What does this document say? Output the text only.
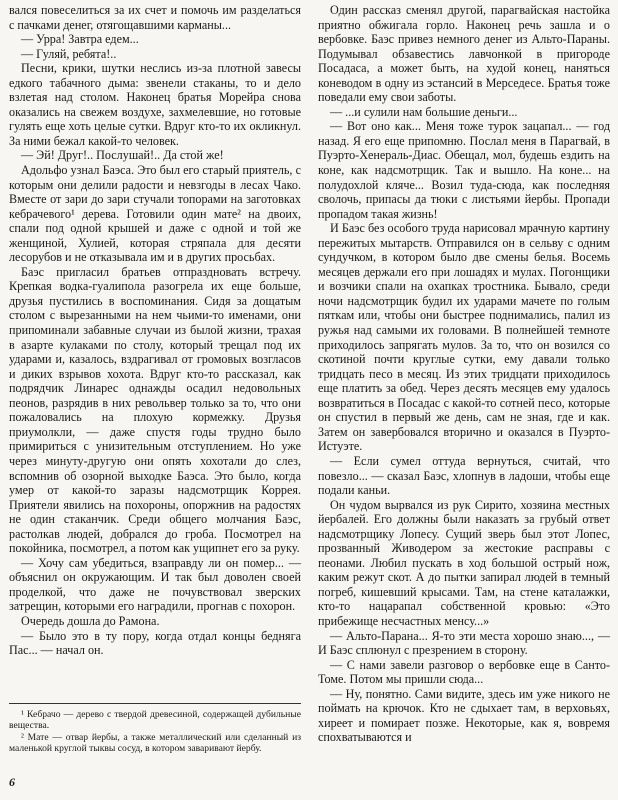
вался повеселиться за их счет и помочь им разделаться с пачками денег, отягощавшими карманы...

— Урра! Завтра едем...

— Гуляй, ребята!..

Песни, крики, шутки неслись из-за плотной завесы едкого табачного дыма: звенели стаканы, то и дело взлетая над столом. Наконец братья Морейра снова оказались на свежем воздухе, захмелевшие, но готовые гулять еще хоть целые сутки. Вдруг кто-то их окликнул. За ними бежал какой-то человек.

— Эй! Друг!.. Послушай!.. Да стой же!

Адольфо узнал Баэса. Это был его старый приятель, с которым они делили радости и невзгоды в лесах Чако. Вместе от зари до зари стучали топорами на заготовках кебрачевого¹ дерева. Готовили один мате² на двоих, спали под одной крышей и даже с одной и той же женщиной, Хулией, которая стряпала для десяти лесорубов и не отказывала им и в других просьбах.

Баэс пригласил братьев отпраздновать встречу. Крепкая водка-гуалипола разогрела их еще больше, друзья пустились в воспоминания. Сидя за дощатым столом с вырезанными на нем чьими-то именами, они припоминали забавные случаи из былой жизни, трахая в азарте кулаками по столу, который трещал под их ударами и, казалось, вздрагивал от громовых возгласов и диких взрывов хохота. Вдруг кто-то рассказал, как подрядчик Линарес однажды осадил недовольных пеонов, разрядив в них револьвер только за то, что они пожаловались на плохую кормежку. Друзья приумолкли, — даже спустя годы трудно было примириться с унизительным отступлением. Но уже через минуту-другую они опять хохотали до слез, вспомнив об озорной выходке Баэса. Это было, когда умер от какой-то заразы надсмотрщик Коррея. Приятели явились на похороны, опоржнив на радостях не один стаканчик. Среди общего молчания Баэс, растолкав людей, добрался до гроба. Посмотрел на покойника, посмотрел, а потом как ущипнет его за руку.

— Хочу сам убедиться, взаправду ли он помер... — объяснил он окружающим. И так был доволен своей проделкой, что даже не почувствовал зверских затрещин, которыми его наградили, прогнав с похорон.

Очередь дошла до Рамона.

— Было это в ту пору, когда отдал концы бедняга Пас... — начал он.

Один рассказ сменял другой, парагвайская настойка приятно обжигала горло. Наконец речь зашла и о вербовке. Баэс привез немного денег из Альто-Параны. Подумывал обзавестись лавчонкой в пригороде Посадаса, а может быть, на худой конец, наняться коневодом в одну из эстансий в Мерседесе. Братья тоже поведали ему свои заботы.

— ...и сулили нам большие деньги...

— Вот оно как... Меня тоже турок зацапал... — год назад. Я его еще припомню. Послал меня в Парагвай, в Пуэрто-Хенераль-Диас. Обещал, мол, будешь ездить на коне, как надсмотрщик. Так и вышло. На коне... на полудохлой кляче... Возил туда-сюда, как последняя сволочь, припасы да тюки с листьями йербы. Пропади пропадом такая жизнь!

И Баэс без особого труда нарисовал мрачную картину пережитых мытарств. Отправился он в сельву с одним сундучком, в котором было две смены белья. Восемь месяцев держали его при лошадях и мулах. Погонщики и возчики спали на охапках тростника. Бывало, среди ночи надсмотрщик будил их ударами мачете по голым пяткам или, чтобы они быстрее поднимались, палил из ружья над самыми их головами. В полнейшей темноте приходилось запрягать мулов. За то, что он возился со скотиной почти круглые сутки, ему давали только тридцать песо в месяц. Из этих тридцати приходилось еще платить за обед. Через десять месяцев ему удалось возвратиться в Посадас с какой-то сотней песо, которые он спустил в первый же день, сам не зная, где и как. Затем он завербовался вторично и оказался в Пуэрто-Истуэте.

— Если сумел оттуда вернуться, считай, что повезло... — сказал Баэс, хлопнув в ладоши, чтобы еще подали каньи.

Он чудом вырвался из рук Сирито, хозяина местных йербалей. Его должны были наказать за грубый ответ надсмотрщику Лопесу. Сущий зверь был этот Лопес, прозванный Живодером за жестокие расправы с пеонами. Любил пускать в ход большой острый нож, каким режут скот. А до пытки запирал людей в темный погреб, кишевший крысами. Там, на стене каталажки, кто-то нацарапал собственной кровью: «Это прибежище несчастных менсу...»

— Альто-Парана... Я-то эти места хорошо знаю..., — И Баэс сплюнул с презрением в сторону.

— С нами завели разговор о вербовке еще в Санто-Томе. Потом мы пришли сюда...

— Ну, понятно. Сами видите, здесь им уже никого не поймать на крючок. Кто не сдыхает там, в верховьях, хиреет и помирает позже. Некоторые, как я, вовремя спохватываются и

¹ Кебрачо — дерево с твердой древесиной, содержащей дубильные вещества.

² Мате — отвар йербы, а также металлический или сделанный из маленькой круглой тыквы сосуд, в котором заваривают йербу.

6
